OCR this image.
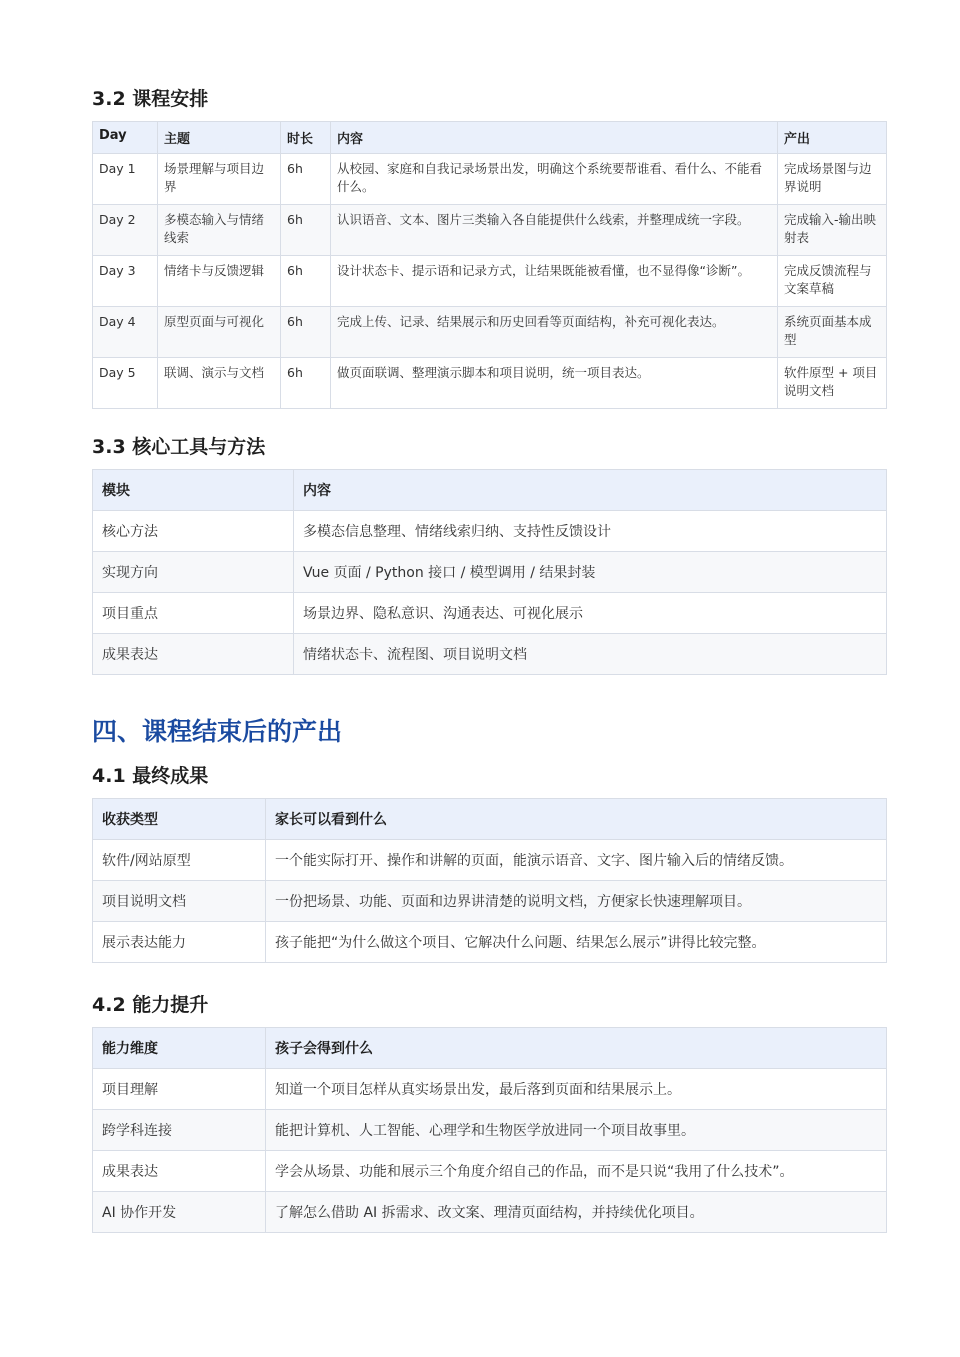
3.2 课程安排
Day	主题	时长	内容	产出
Day 1	场景理解与项目边界	6h	从校园、家庭和自我记录场景出发，明确这个系统要帮谁看、看什么、不能看什么。	完成场景图与边界说明
Day 2	多模态输入与情绪线索	6h	认识语音、文本、图片三类输入各自能提供什么线索，并整理成统一字段。	完成输入-输出映射表
Day 3	情绪卡与反馈逻辑	6h	设计状态卡、提示语和记录方式，让结果既能被看懂，也不显得像“诊断”。	完成反馈流程与文案草稿
Day 4	原型页面与可视化	6h	完成上传、记录、结果展示和历史回看等页面结构，补充可视化表达。	系统页面基本成型
Day 5	联调、演示与文档	6h	做页面联调、整理演示脚本和项目说明，统一项目表达。	软件原型 + 项目说明文档
3.3 核心工具与方法
模块	内容
核心方法	多模态信息整理、情绪线索归纳、支持性反馈设计
实现方向	Vue 页面 / Python 接口 / 模型调用 / 结果封装
项目重点	场景边界、隐私意识、沟通表达、可视化展示
成果表达	情绪状态卡、流程图、项目说明文档
四、课程结束后的产出
4.1 最终成果
收获类型	家长可以看到什么
软件/网站原型	一个能实际打开、操作和讲解的页面，能演示语音、文字、图片输入后的情绪反馈。
项目说明文档	一份把场景、功能、页面和边界讲清楚的说明文档，方便家长快速理解项目。
展示表达能力	孩子能把“为什么做这个项目、它解决什么问题、结果怎么展示”讲得比较完整。
4.2 能力提升
能力维度	孩子会得到什么
项目理解	知道一个项目怎样从真实场景出发，最后落到页面和结果展示上。
跨学科连接	能把计算机、人工智能、心理学和生物医学放进同一个项目故事里。
成果表达	学会从场景、功能和展示三个角度介绍自己的作品，而不是只说“我用了什么技术”。
AI 协作开发	了解怎么借助 AI 拆需求、改文案、理清页面结构，并持续优化项目。
